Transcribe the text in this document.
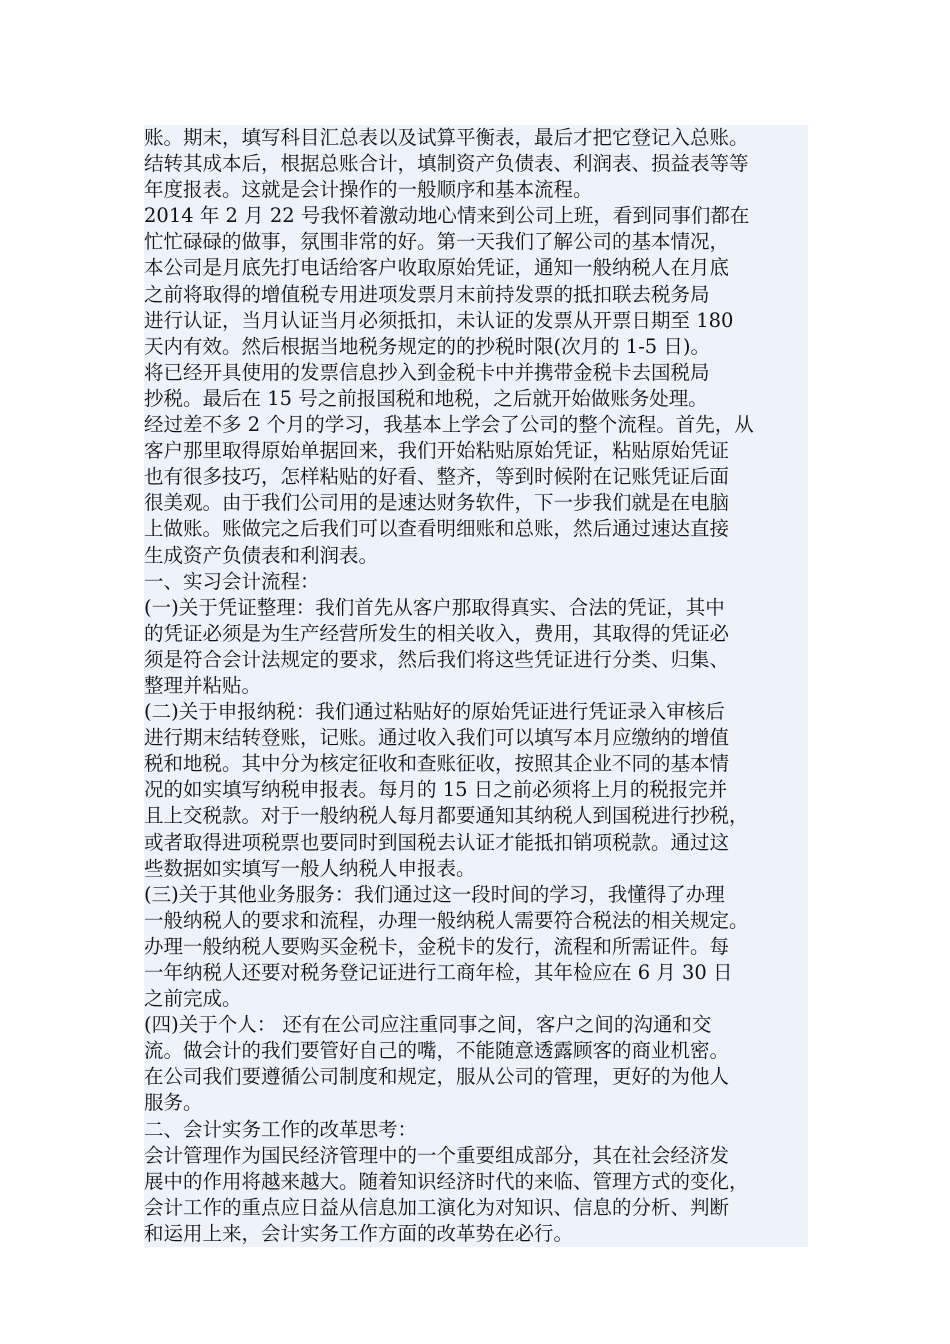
账。期末，填写科目汇总表以及试算平衡表，最后才把它登记入总账。
结转其成本后，根据总账合计，填制资产负债表、利润表、损益表等等
年度报表。这就是会计操作的一般顺序和基本流程。
2014 年 2 月 22 号我怀着激动地心情来到公司上班，看到同事们都在
忙忙碌碌的做事，氛围非常的好。第一天我们了解公司的基本情况，
本公司是月底先打电话给客户收取原始凭证，通知一般纳税人在月底
之前将取得的增值税专用进项发票月末前持发票的抵扣联去税务局
进行认证，当月认证当月必须抵扣，未认证的发票从开票日期至 180
天内有效。然后根据当地税务规定的的抄税时限(次月的 1-5 日)。
将已经开具使用的发票信息抄入到金税卡中并携带金税卡去国税局
抄税。最后在 15 号之前报国税和地税，之后就开始做账务处理。
经过差不多 2 个月的学习，我基本上学会了公司的整个流程。首先，从
客户那里取得原始单据回来，我们开始粘贴原始凭证，粘贴原始凭证
也有很多技巧，怎样粘贴的好看、整齐，等到时候附在记账凭证后面
很美观。由于我们公司用的是速达财务软件，下一步我们就是在电脑
上做账。账做完之后我们可以查看明细账和总账，然后通过速达直接
生成资产负债表和利润表。
一、实习会计流程：
(一)关于凭证整理：我们首先从客户那取得真实、合法的凭证，其中
的凭证必须是为生产经营所发生的相关收入，费用，其取得的凭证必
须是符合会计法规定的要求，然后我们将这些凭证进行分类、归集、
整理并粘贴。
(二)关于申报纳税：我们通过粘贴好的原始凭证进行凭证录入审核后
进行期末结转登账，记账。通过收入我们可以填写本月应缴纳的增值
税和地税。其中分为核定征收和查账征收，按照其企业不同的基本情
况的如实填写纳税申报表。每月的 15 日之前必须将上月的税报完并
且上交税款。对于一般纳税人每月都要通知其纳税人到国税进行抄税，
或者取得进项税票也要同时到国税去认证才能抵扣销项税款。通过这
些数据如实填写一般人纳税人申报表。
(三)关于其他业务服务：我们通过这一段时间的学习，我懂得了办理
一般纳税人的要求和流程，办理一般纳税人需要符合税法的相关规定。
办理一般纳税人要购买金税卡，金税卡的发行，流程和所需证件。每
一年纳税人还要对税务登记证进行工商年检，其年检应在 6 月 30 日
之前完成。
(四)关于个人： 还有在公司应注重同事之间，客户之间的沟通和交
流。做会计的我们要管好自己的嘴，不能随意透露顾客的商业机密。
在公司我们要遵循公司制度和规定，服从公司的管理，更好的为他人
服务。
二、会计实务工作的改革思考：
会计管理作为国民经济管理中的一个重要组成部分，其在社会经济发
展中的作用将越来越大。随着知识经济时代的来临、管理方式的变化，
会计工作的重点应日益从信息加工演化为对知识、信息的分析、判断
和运用上来，会计实务工作方面的改革势在必行。
